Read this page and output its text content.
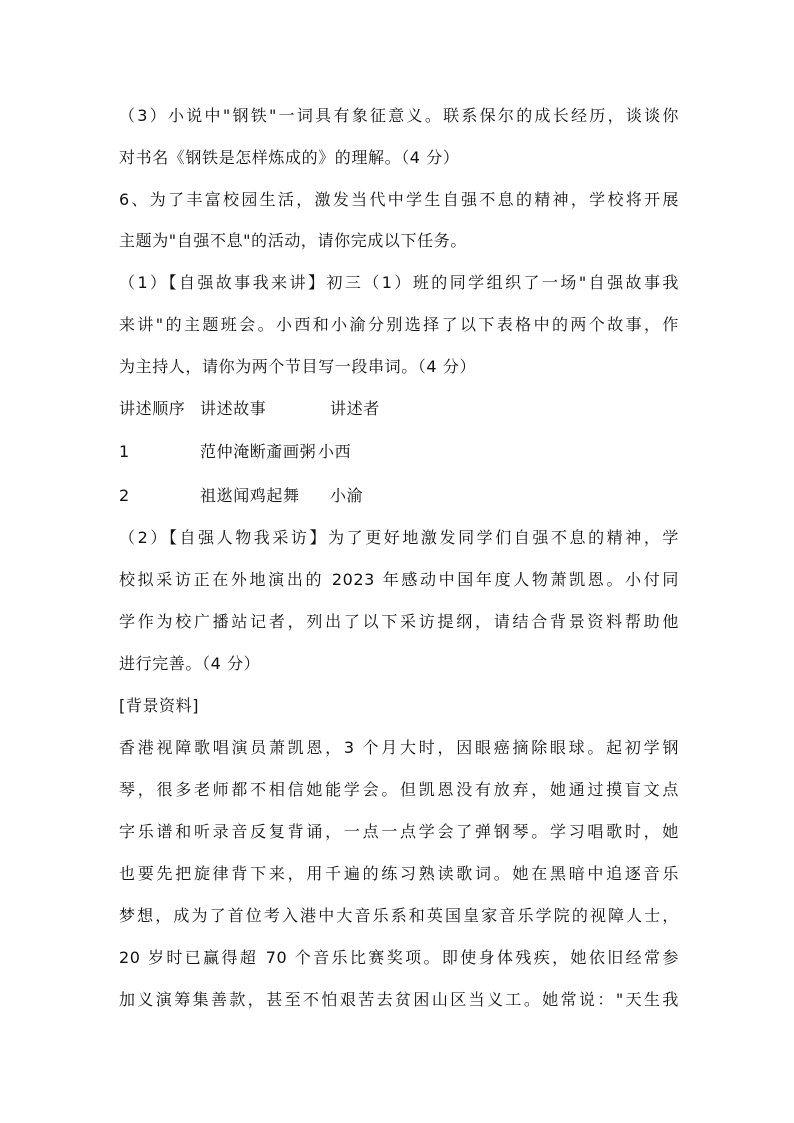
（3）小说中"钢铁"一词具有象征意义。联系保尔的成长经历，谈谈你
对书名《钢铁是怎样炼成的》的理解。（4 分）
6、为了丰富校园生活，激发当代中学生自强不息的精神，学校将开展
主题为"自强不息"的活动，请你完成以下任务。
（1）【自强故事我来讲】初三（1）班的同学组织了一场"自强故事我
来讲"的主题班会。小西和小渝分别选择了以下表格中的两个故事，作
为主持人，请你为两个节目写一段串词。（4 分）
讲述顺序 讲述故事	讲述者
1	范仲淹断齑画粥 小西
2	祖逖闻鸡起舞 小渝
（2）【自强人物我采访】为了更好地激发同学们自强不息的精神，学
校拟采访正在外地演出的 2023 年感动中国年度人物萧凯恩。小付同
学作为校广播站记者，列出了以下采访提纲，请结合背景资料帮助他
进行完善。（4 分）
[背景资料]
香港视障歌唱演员萧凯恩，3 个月大时，因眼癌摘除眼球。起初学钢
琴，很多老师都不相信她能学会。但凯恩没有放弃，她通过摸盲文点
字乐谱和听录音反复背诵，一点一点学会了弹钢琴。学习唱歌时，她
也要先把旋律背下来，用千遍的练习熟读歌词。她在黑暗中追逐音乐
梦想，成为了首位考入港中大音乐系和英国皇家音乐学院的视障人士，
20 岁时已赢得超 70 个音乐比赛奖项。即使身体残疾，她依旧经常参
加义演筹集善款，甚至不怕艰苦去贫困山区当义工。她常说："天生我
